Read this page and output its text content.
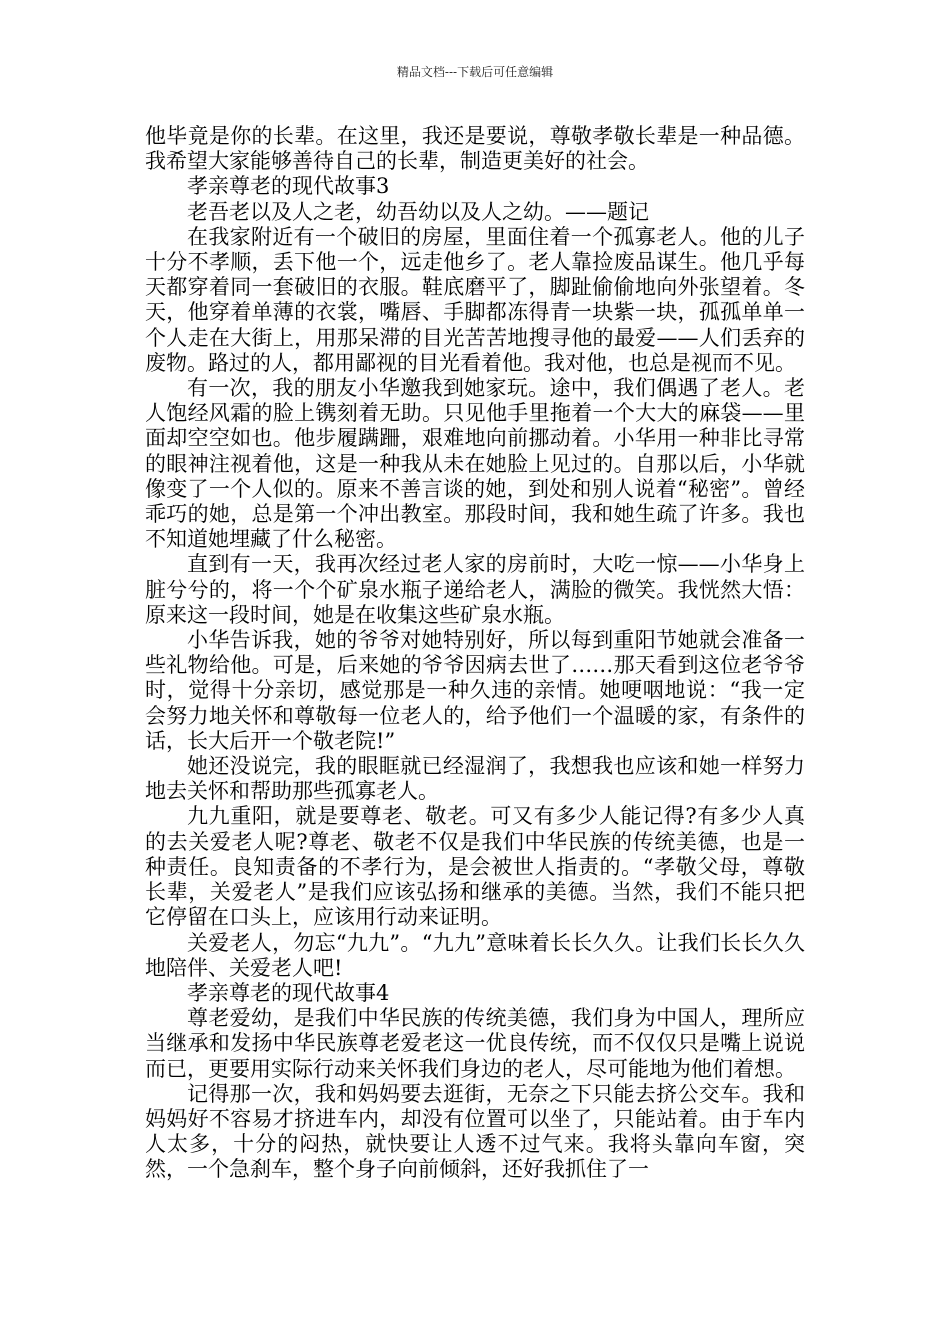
精品文档---下载后可任意编辑

他毕竟是你的长辈。在这里，我还是要说，尊敬孝敬长辈是一种品德。我希望大家能够善待自己的长辈，制造更美好的社会。

孝亲尊老的现代故事3

老吾老以及人之老，幼吾幼以及人之幼。——题记

在我家附近有一个破旧的房屋，里面住着一个孤寡老人。他的儿子十分不孝顺，丢下他一个，远走他乡了。老人靠捡废品谋生。他几乎每天都穿着同一套破旧的衣服。鞋底磨平了，脚趾偷偷地向外张望着。冬天，他穿着单薄的衣裳，嘴唇、手脚都冻得青一块紫一块，孤孤单单一个人走在大街上，用那呆滞的目光苦苦地搜寻他的最爱——人们丢弃的废物。路过的人，都用鄙视的目光看着他。我对他，也总是视而不见。

有一次，我的朋友小华邀我到她家玩。途中，我们偶遇了老人。老人饱经风霜的脸上镌刻着无助。只见他手里拖着一个大大的麻袋——里面却空空如也。他步履蹒跚，艰难地向前挪动着。小华用一种非比寻常的眼神注视着他，这是一种我从未在她脸上见过的。自那以后，小华就像变了一个人似的。原来不善言谈的她，到处和别人说着“秘密”。曾经乖巧的她，总是第一个冲出教室。那段时间，我和她生疏了许多。我也不知道她埋藏了什么秘密。

直到有一天，我再次经过老人家的房前时，大吃一惊——小华身上脏兮兮的，将一个个矿泉水瓶子递给老人，满脸的微笑。我恍然大悟：原来这一段时间，她是在收集这些矿泉水瓶。

小华告诉我，她的爷爷对她特别好，所以每到重阳节她就会准备一些礼物给他。可是，后来她的爷爷因病去世了……那天看到这位老爷爷时，觉得十分亲切，感觉那是一种久违的亲情。她哽咽地说：“我一定会努力地关怀和尊敬每一位老人的，给予他们一个温暖的家，有条件的话，长大后开一个敬老院!”

她还没说完，我的眼眶就已经湿润了，我想我也应该和她一样努力地去关怀和帮助那些孤寡老人。

九九重阳，就是要尊老、敬老。可又有多少人能记得?有多少人真的去关爱老人呢?尊老、敬老不仅是我们中华民族的传统美德，也是一种责任。良知责备的不孝行为，是会被世人指责的。“孝敬父母，尊敬长辈，关爱老人”是我们应该弘扬和继承的美德。当然，我们不能只把它停留在口头上，应该用行动来证明。

关爱老人，勿忘“九九”。“九九”意味着长长久久。让我们长长久久地陪伴、关爱老人吧!

孝亲尊老的现代故事4

尊老爱幼，是我们中华民族的传统美德，我们身为中国人，理所应当继承和发扬中华民族尊老爱老这一优良传统，而不仅仅只是嘴上说说而已，更要用实际行动来关怀我们身边的老人，尽可能地为他们着想。

记得那一次，我和妈妈要去逛街，无奈之下只能去挤公交车。我和妈妈好不容易才挤进车内，却没有位置可以坐了，只能站着。由于车内人太多，十分的闷热，就快要让人透不过气来。我将头靠向车窗，突然，一个急刹车，整个身子向前倾斜，还好我抓住了一
